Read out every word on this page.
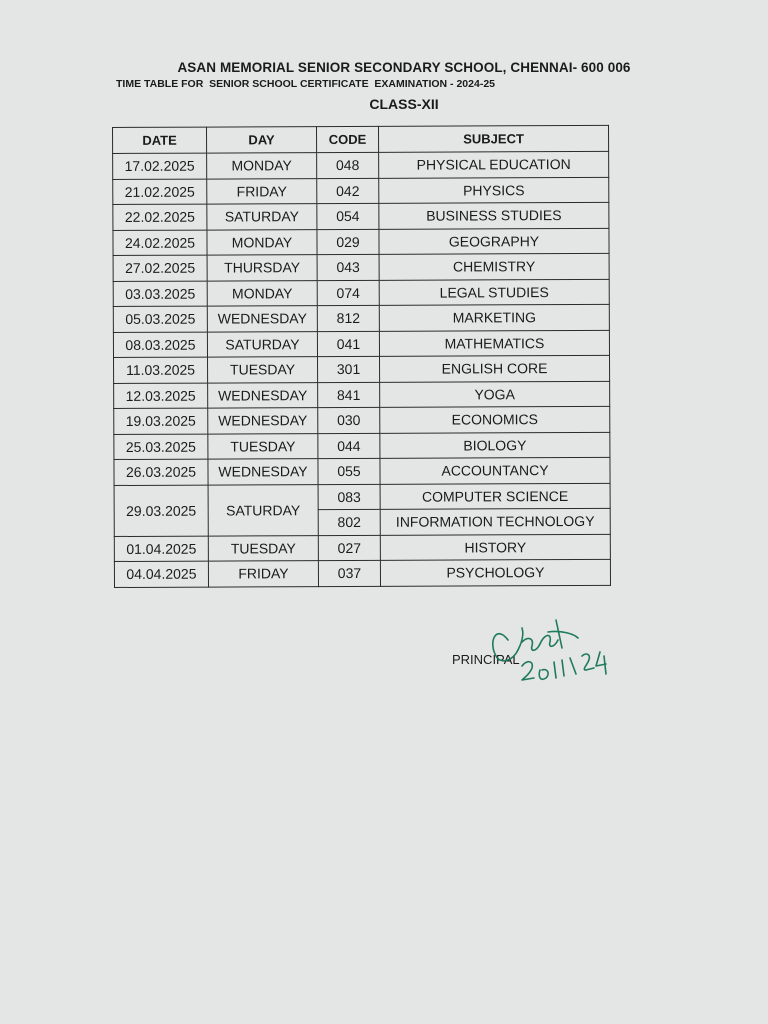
ASAN MEMORIAL SENIOR SECONDARY SCHOOL, CHENNAI- 600 006
TIME TABLE FOR  SENIOR SCHOOL CERTIFICATE  EXAMINATION - 2024-25
CLASS-XII
DATE	DAY	CODE	SUBJECT
17.02.2025	MONDAY	048	PHYSICAL EDUCATION
21.02.2025	FRIDAY	042	PHYSICS
22.02.2025	SATURDAY	054	BUSINESS STUDIES
24.02.2025	MONDAY	029	GEOGRAPHY
27.02.2025	THURSDAY	043	CHEMISTRY
03.03.2025	MONDAY	074	LEGAL STUDIES
05.03.2025	WEDNESDAY	812	MARKETING
08.03.2025	SATURDAY	041	MATHEMATICS
11.03.2025	TUESDAY	301	ENGLISH CORE
12.03.2025	WEDNESDAY	841	YOGA
19.03.2025	WEDNESDAY	030	ECONOMICS
25.03.2025	TUESDAY	044	BIOLOGY
26.03.2025	WEDNESDAY	055	ACCOUNTANCY
29.03.2025	SATURDAY	083	COMPUTER SCIENCE
		802	INFORMATION TECHNOLOGY
01.04.2025	TUESDAY	027	HISTORY
04.04.2025	FRIDAY	037	PSYCHOLOGY
PRINCIPAL
